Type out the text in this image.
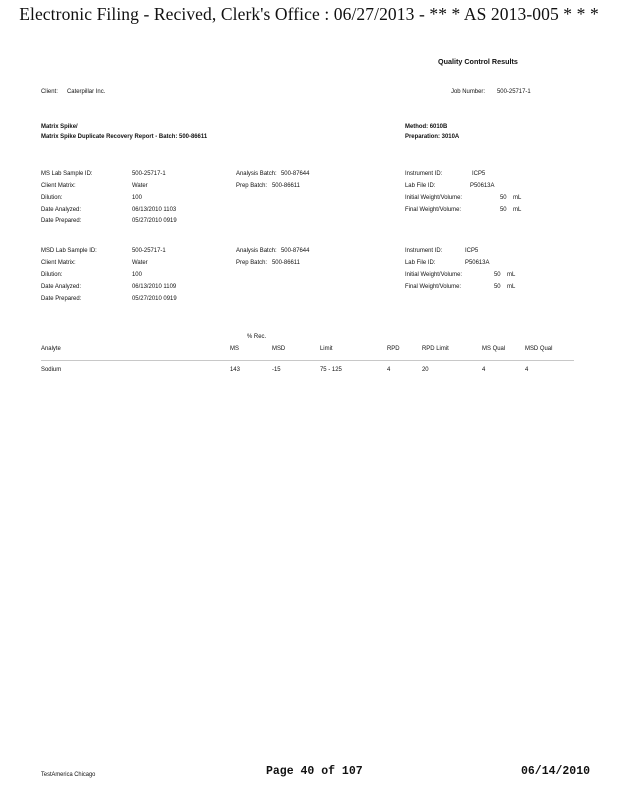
Electronic Filing - Recived, Clerk's Office : 06/27/2013 - ** * AS 2013-005 * * *
Quality Control Results
Client: Caterpillar Inc.	Job Number: 500-25717-1
Matrix Spike/
Matrix Spike Duplicate Recovery Report - Batch: 500-86611
Method: 6010B
Preparation: 3010A
MS Lab Sample ID:	500-25717-1
Client Matrix:	Water
Dilution:	100
Date Analyzed:	06/13/2010 1103
Date Prepared:	05/27/2010 0919
Analysis Batch: 500-87644
Prep Batch: 500-86611
Instrument ID:	ICP5
Lab File ID:	P50613A
Initial Weight/Volume:	50 mL
Final Weight/Volume:	50 mL
MSD Lab Sample ID:	500-25717-1
Client Matrix:	Water
Dilution:	100
Date Analyzed:	06/13/2010 1109
Date Prepared:	05/27/2010 0919
Analysis Batch: 500-87644
Prep Batch: 500-86611
Instrument ID:	ICP5
Lab File ID:	P50613A
Initial Weight/Volume:	50 mL
Final Weight/Volume:	50 mL
% Rec.
Analyte	MS	MSD	Limit	RPD	RPD Limit	MS Qual	MSD Qual
Sodium	143	-15	75 - 125	4	20	4	4
TestAmerica Chicago	Page 40 of 107	06/14/2010
